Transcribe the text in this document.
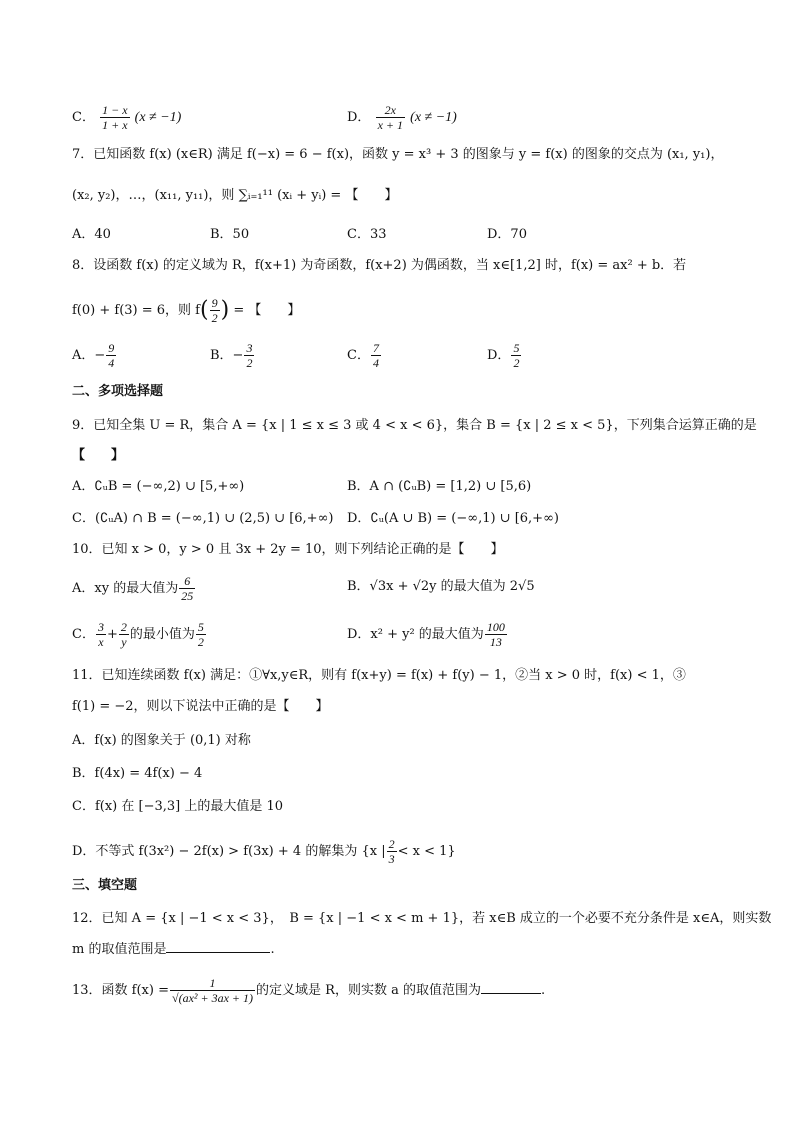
C． $\frac{1 - x}{1 + x} (x \ne -1)$	D． $\frac{2x}{x + 1} (x \ne -1)$
7．已知函数 f(x) (x∈R) 满足 f(−x) = 6 − f(x)，函数 y = x³ + 3 的图象与 y = f(x) 的图象的交点为 (x₁, y₁)，
(x₂, y₂)，…，(x₁₁, y₁₁)，则 ∑ᵢ₌₁¹¹ (xᵢ + yᵢ) = 【　　】
A．40	B．50	C．33	D．70
8．设函数 f(x) 的定义域为 R，f(x+1) 为奇函数，f(x+2) 为偶函数，当 x∈[1,2] 时，f(x) = ax² + b．若
f(0) + f(3) = 6，则 $f( \frac{9}{2}$ ) = 【　　】
A．− $\frac{9}{4}$	B．− $\frac{3}{2}$	C． $\frac{7}{4}$	D． $\frac{5}{2}$
二、多项选择题
9．已知全集 U = R，集合 A = {x | 1 ≤ x ≤ 3 或 4 < x < 6}，集合 B = {x | 2 ≤ x < 5}，下列集合运算正确的是
【　　】
A．∁ᵤB = (−∞,2) ∪ [5,+∞)	B．A ∩ (∁ᵤB) = [1,2) ∪ [5,6)
C．(∁ᵤA) ∩ B = (−∞,1) ∪ (2,5) ∪ [6,+∞) D．∁ᵤ(A ∪ B) = (−∞,1) ∪ [6,+∞)
10．已知 x > 0，y > 0 且 3x + 2y = 10，则下列结论正确的是【　　】
A．xy 的最大值为 $\frac{6}{25}$	B．√3x + √2y 的最大值为 2√5
C． $\frac{3}{x} + \frac{2}{y}$ 的最小值为 $\frac{5}{2}$	D．x² + y² 的最大值为 $\frac{100}{13}$
11．已知连续函数 f(x) 满足：①∀x,y∈R，则有 f(x+y) = f(x) + f(y) − 1，②当 x > 0 时，f(x) < 1，③
f(1) = −2，则以下说法中正确的是【　　】
A．f(x) 的图象关于 (0,1) 对称
B．f(4x) = 4f(x) − 4
C．f(x) 在 [−3,3] 上的最大值是 10
D．不等式 f(3x²) − 2f(x) > f(3x) + 4 的解集为 {x | $\frac{2}{3} < x < 1$}
三、填空题
12．已知 A = {x | −1 < x < 3}，　B = {x | −1 < x < m + 1}，若 x∈B 成立的一个必要不充分条件是 x∈A，则实数
m 的取值范围是	.
13．函数 $f(x) = \frac{1}{\text{√(ax² + 3ax + 1)}}$ 的定义域是 R，则实数 a 的取值范围为	.
